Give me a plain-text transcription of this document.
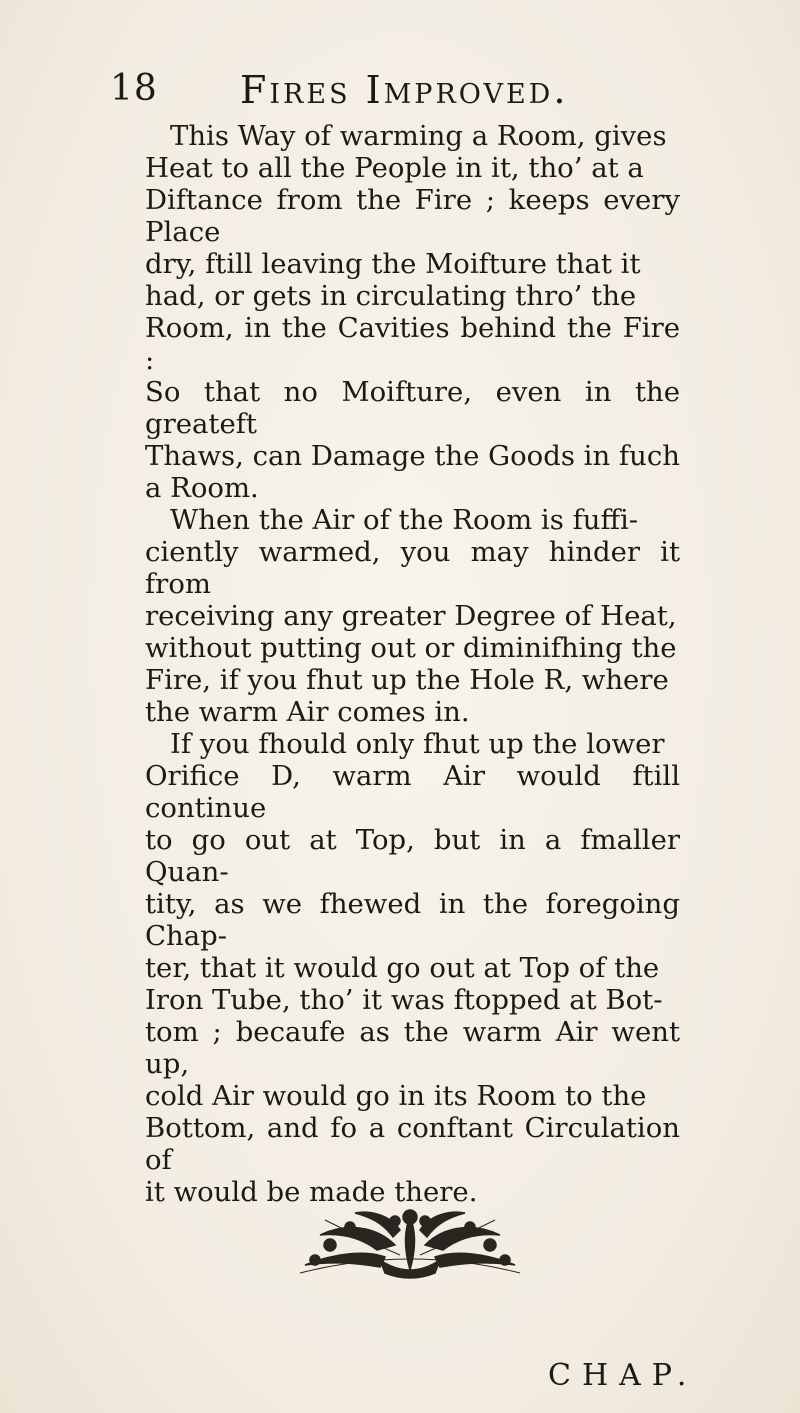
18 Fires Improved.

This Way of warming a Room, gives
Heat to all the People in it, tho’ at a
Diftance from the Fire ; keeps every Place
dry, ftill leaving the Moifture that it
had, or gets in circulating thro’ the
Room, in the Cavities behind the Fire :
So that no Moifture, even in the greateft
Thaws, can Damage the Goods in fuch
a Room.

When the Air of the Room is fuffi-
ciently warmed, you may hinder it from
receiving any greater Degree of Heat,
without putting out or diminifhing the
Fire, if you fhut up the Hole R, where
the warm Air comes in.

If you fhould only fhut up the lower
Orifice D, warm Air would ftill continue
to go out at Top, but in a fmaller Quan-
tity, as we fhewed in the foregoing Chap-
ter, that it would go out at Top of the
Iron Tube, tho’ it was ftopped at Bot-
tom ; becaufe as the warm Air went up,
cold Air would go in its Room to the
Bottom, and fo a conftant Circulation of
it would be made there.

CHAP.
